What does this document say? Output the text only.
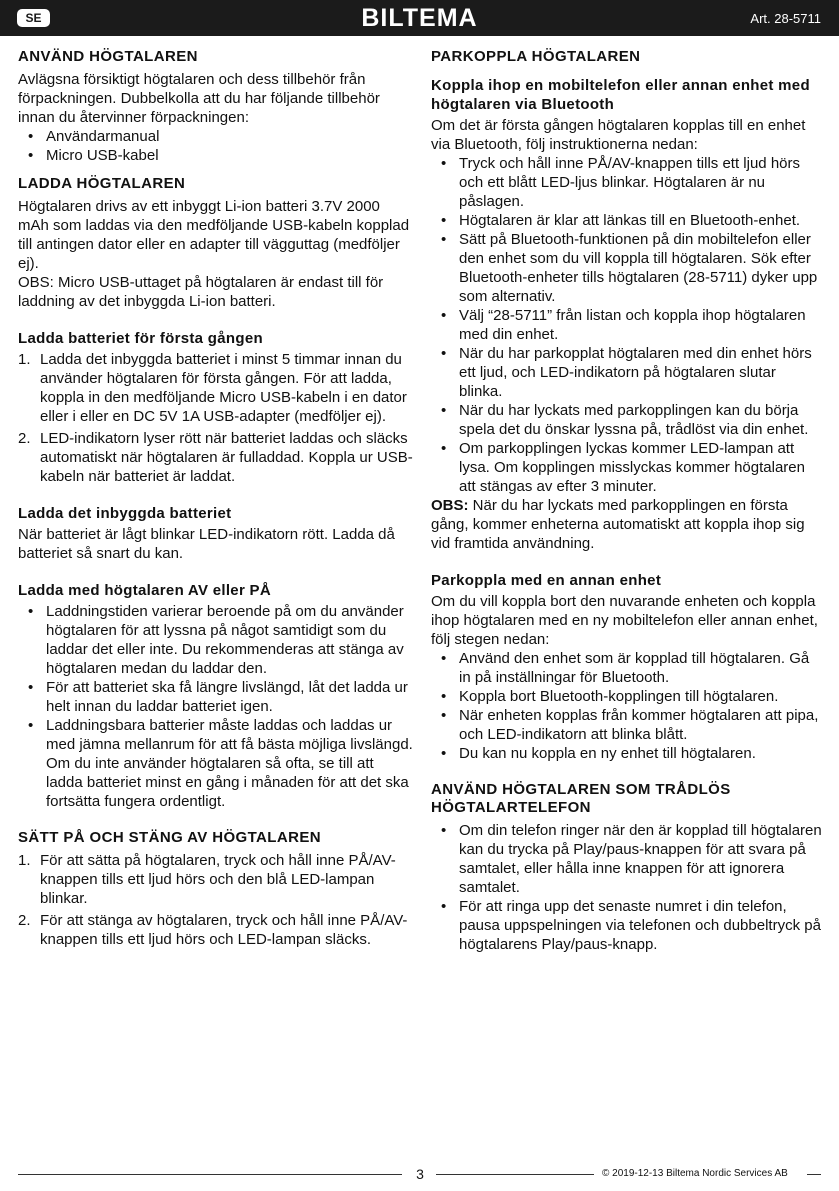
SE	BILTEMA	Art. 28-5711
ANVÄND HÖGTALAREN

Avlägsna försiktigt högtalaren och dess tillbehör från förpackningen. Dubbelkolla att du har följande tillbehör innan du återvinner förpackningen:

• Användarmanual
• Micro USB-kabel
LADDA HÖGTALAREN

Högtalaren drivs av ett inbyggt Li-ion batteri 3.7V 2000 mAh som laddas via den medföljande USB-kabeln kopplad till antingen dator eller en adapter till vägguttag (medföljer ej).

OBS: Micro USB-uttaget på högtalaren är endast till för laddning av det inbyggda Li-ion batteri.

Ladda batteriet för första gången
1. Ladda det inbyggda batteriet i minst 5 timmar innan du använder högtalaren för första gången. För att ladda, koppla in den medföljande Micro USB-kabeln i en dator eller i eller en DC 5V 1A USB-adapter (medföljer ej).
2. LED-indikatorn lyser rött när batteriet laddas och släcks automatiskt när högtalaren är fulladdad. Koppla ur USB-kabeln när batteriet är laddat.
Ladda det inbyggda batteriet

När batteriet är lågt blinkar LED-indikatorn rött. Ladda då batteriet så snart du kan.

Ladda med högtalaren AV eller PÅ
• Laddningstiden varierar beroende på om du använder högtalaren för att lyssna på något samtidigt som du laddar det eller inte. Du rekommenderas att stänga av högtalaren medan du laddar den.
• För att batteriet ska få längre livslängd, låt det ladda ur helt innan du laddar batteriet igen.
• Laddningsbara batterier måste laddas och laddas ur med jämna mellanrum för att få bästa möjliga livslängd. Om du inte använder högtalaren så ofta, se till att ladda batteriet minst en gång i månaden för att det ska fortsätta fungera ordentligt.
SÄTT PÅ OCH STÄNG AV HÖGTALAREN
1. För att sätta på högtalaren, tryck och håll inne PÅ/AV-knappen tills ett ljud hörs och den blå LED-lampan blinkar.
2. För att stänga av högtalaren, tryck och håll inne PÅ/AV-knappen tills ett ljud hörs och LED-lampan släcks.
PARKOPPLA HÖGTALAREN
Koppla ihop en mobiltelefon eller annan enhet med högtalaren via Bluetooth

Om det är första gången högtalaren kopplas till en enhet via Bluetooth, följ instruktionerna nedan:

• Tryck och håll inne PÅ/AV-knappen tills ett ljud hörs och ett blått LED-ljus blinkar. Högtalaren är nu påslagen.
• Högtalaren är klar att länkas till en Bluetooth-enhet.
• Sätt på Bluetooth-funktionen på din mobiltelefon eller den enhet som du vill koppla till högtalaren. Sök efter Bluetooth-enheter tills högtalaren (28-5711) dyker upp som alternativ.
• Välj “28-5711” från listan och koppla ihop högtalaren med din enhet.
• När du har parkopplat högtalaren med din enhet hörs ett ljud, och LED-indikatorn på högtalaren slutar blinka.
• När du har lyckats med parkopplingen kan du börja spela det du önskar lyssna på, trådlöst via din enhet.
• Om parkopplingen lyckas kommer LED-lampan att lysa. Om kopplingen misslyckas kommer högtalaren att stängas av efter 3 minuter.

OBS: När du har lyckats med parkopplingen en första gång, kommer enheterna automatiskt att koppla ihop sig vid framtida användning.

Parkoppla med en annan enhet

Om du vill koppla bort den nuvarande enheten och koppla ihop högtalaren med en ny mobiltelefon eller annan enhet, följ stegen nedan:

• Använd den enhet som är kopplad till högtalaren. Gå in på inställningar för Bluetooth.
• Koppla bort Bluetooth-kopplingen till högtalaren.
• När enheten kopplas från kommer högtalaren att pipa, och LED-indikatorn att blinka blått.
• Du kan nu koppla en ny enhet till högtalaren.
ANVÄND HÖGTALAREN SOM TRÅDLÖS HÖGTALARTELEFON
• Om din telefon ringer när den är kopplad till högtalaren kan du trycka på Play/paus-knappen för att svara på samtalet, eller hålla inne knappen för att ignorera samtalet.
• För att ringa upp det senaste numret i din telefon, pausa uppspelningen via telefonen och dubbeltryck på högtalarens Play/paus-knapp.
3	© 2019-12-13 Biltema Nordic Services AB
